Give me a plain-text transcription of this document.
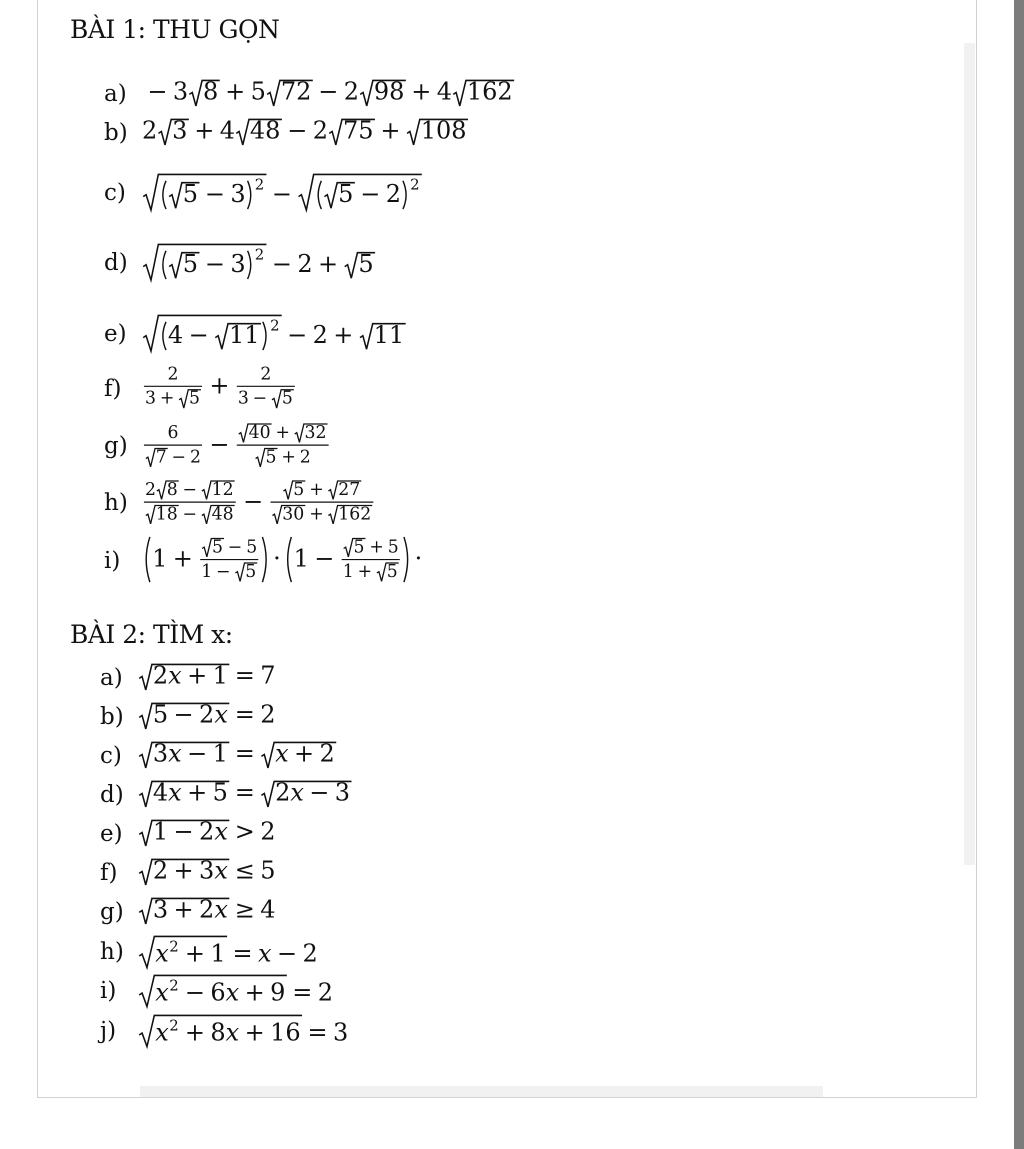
BÀI 1: THU GỌN
BÀI 2: TÌM x:
a) − 3 8 + 5 72 − 2 98 + 4 162
b) 2 3 + 4 48 − 2 75 + 108
c)	5 − 3 2 − 5 − 2 2
d)	5 − 3 2 − 2 + 5
e)	4 − 11 2 − 2 + 11
f)
2
3 + 5 + 2
3 − 5
g)
6
7 − 2 − 40 + 32
5 + 2
h)
2 8 − 12
18 − 48 − 5 + 27
30 + 162
i)	1 + 5 − 5
1 − 5 · 1 − 5 + 5
1 + 5 ·
a)	2 x + 1 = 7
b)	5 − 2 x = 2
c)	3 x − 1 = x + 2
d)	4 x + 5 = 2 x − 3
e)	1 − 2 x > 2
f)	2 + 3 x ≤ 5
g)	3 + 2 x ≥ 4
h)	x 2 + 1 = x − 2
i)	x 2 − 6 x + 9 = 2
j)	x 2 + 8 x + 16 = 3
